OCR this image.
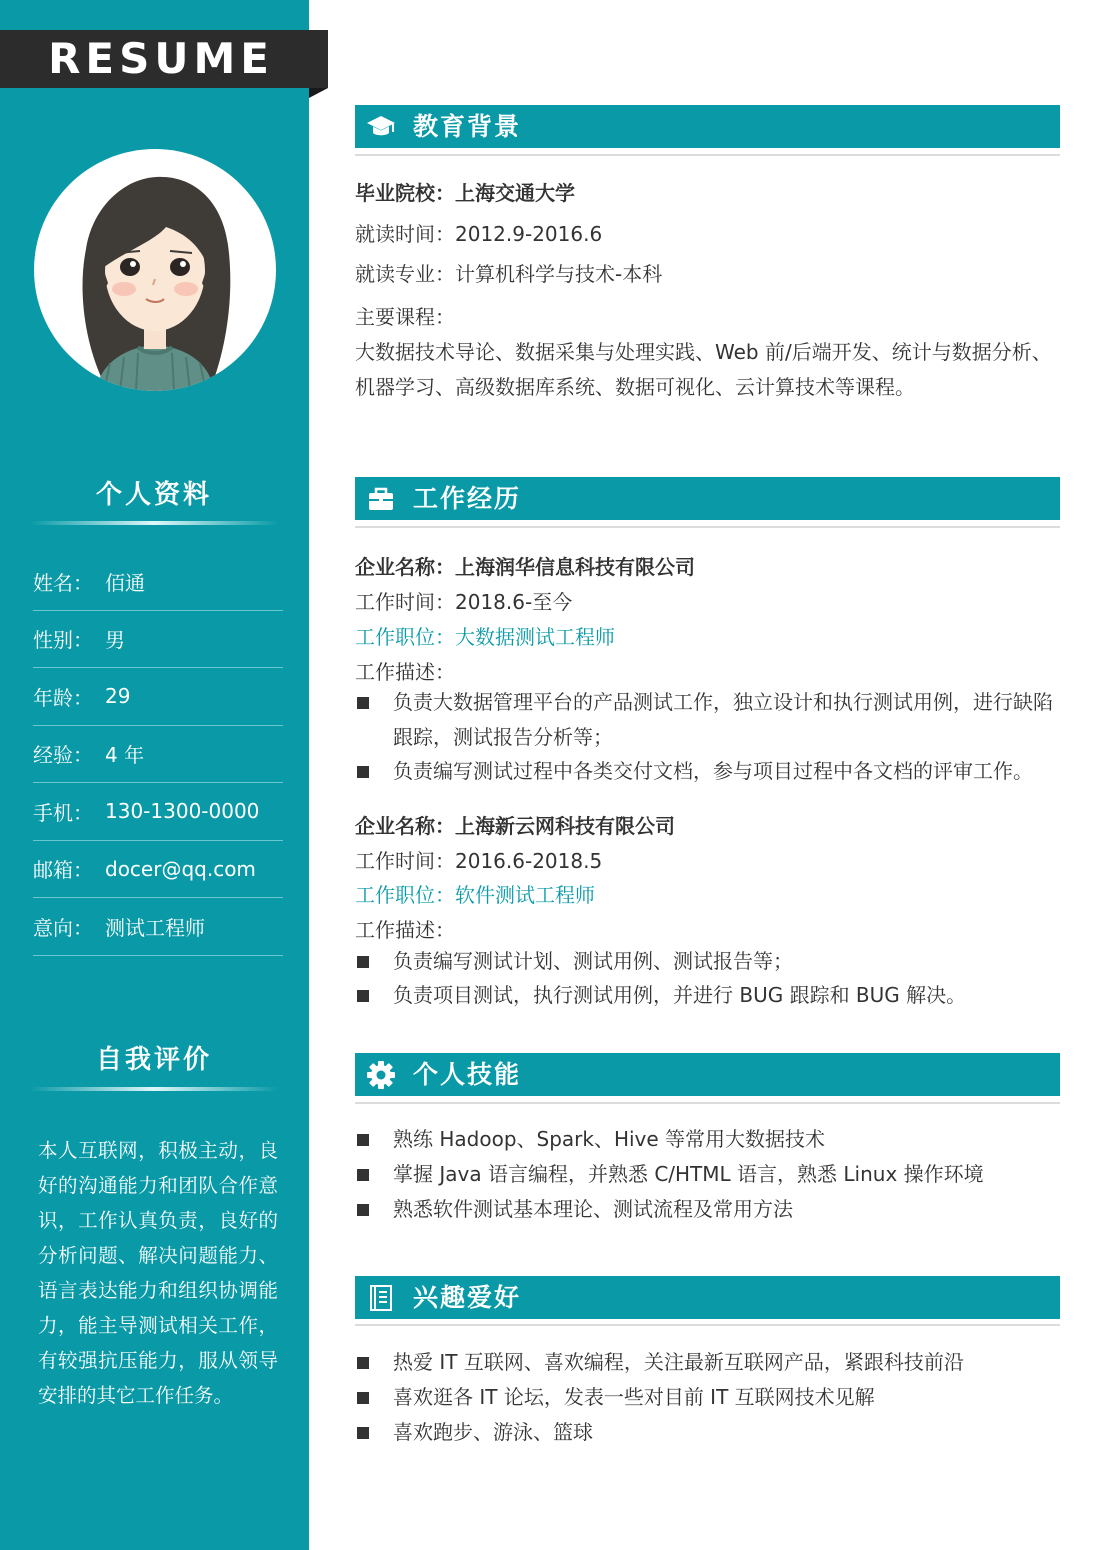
RESUME
个人资料
姓名： 佰通
性别： 男
年龄： 29
经验： 4 年
手机： 130-1300-0000
邮箱： docer@qq.com
意向： 测试工程师
自我评价
本人互联网，积极主动，良好的沟通能力和团队合作意识，工作认真负责，良好的分析问题、解决问题能力、语言表达能力和组织协调能力，能主导测试相关工作，有较强抗压能力，服从领导安排的其它工作任务。
教育背景
毕业院校：上海交通大学
就读时间：2012.9-2016.6
就读专业：计算机科学与技术-本科
主要课程：
大数据技术导论、数据采集与处理实践、Web 前/后端开发、统计与数据分析、
机器学习、高级数据库系统、数据可视化、云计算技术等课程。
工作经历
企业名称：上海润华信息科技有限公司
工作时间：2018.6-至今
工作职位：大数据测试工程师
工作描述：
负责大数据管理平台的产品测试工作，独立设计和执行测试用例，进行缺陷跟踪，测试报告分析等；
负责编写测试过程中各类交付文档，参与项目过程中各文档的评审工作。
企业名称：上海新云网科技有限公司
工作时间：2016.6-2018.5
工作职位：软件测试工程师
工作描述：
负责编写测试计划、测试用例、测试报告等；
负责项目测试，执行测试用例，并进行 BUG 跟踪和 BUG 解决。
个人技能
熟练 Hadoop、Spark、Hive 等常用大数据技术
掌握 Java 语言编程，并熟悉 C/HTML 语言，熟悉 Linux 操作环境
熟悉软件测试基本理论、测试流程及常用方法
兴趣爱好
热爱 IT 互联网、喜欢编程，关注最新互联网产品，紧跟科技前沿
喜欢逛各 IT 论坛，发表一些对目前 IT 互联网技术见解
喜欢跑步、游泳、篮球
